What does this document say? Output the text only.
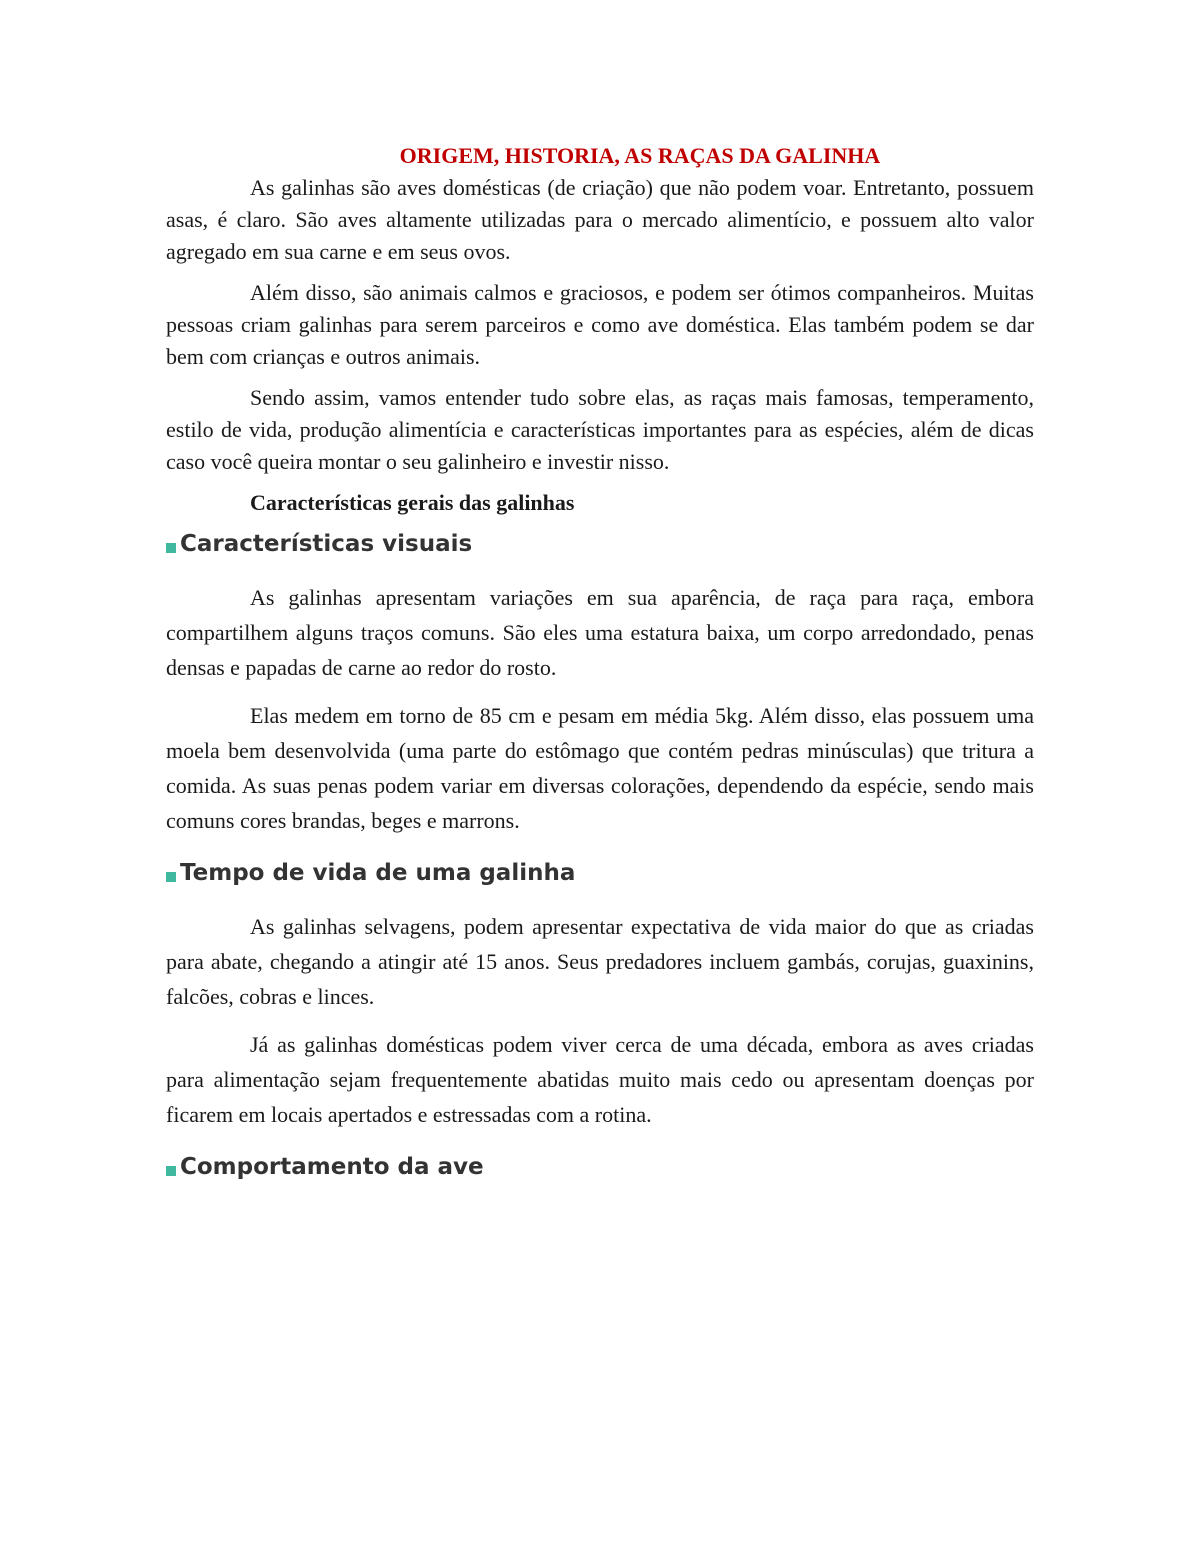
ORIGEM, HISTORIA, AS RAÇAS DA GALINHA

As galinhas são aves domésticas (de criação) que não podem voar. Entretanto, possuem asas, é claro. São aves altamente utilizadas para o mercado alimentício, e possuem alto valor agregado em sua carne e em seus ovos.

Além disso, são animais calmos e graciosos, e podem ser ótimos companheiros. Muitas pessoas criam galinhas para serem parceiros e como ave doméstica. Elas também podem se dar bem com crianças e outros animais.

Sendo assim, vamos entender tudo sobre elas, as raças mais famosas, temperamento, estilo de vida, produção alimentícia e características importantes para as espécies, além de dicas caso você queira montar o seu galinheiro e investir nisso.

Características gerais das galinhas
Características visuais

As galinhas apresentam variações em sua aparência, de raça para raça, embora compartilhem alguns traços comuns. São eles uma estatura baixa, um corpo arredondado, penas densas e papadas de carne ao redor do rosto.

Elas medem em torno de 85 cm e pesam em média 5kg. Além disso, elas possuem uma moela bem desenvolvida (uma parte do estômago que contém pedras minúsculas) que tritura a comida. As suas penas podem variar em diversas colorações, dependendo da espécie, sendo mais comuns cores brandas, beges e marrons.

Tempo de vida de uma galinha

As galinhas selvagens, podem apresentar expectativa de vida maior do que as criadas para abate, chegando a atingir até 15 anos. Seus predadores incluem gambás, corujas, guaxinins, falcões, cobras e linces.

Já as galinhas domésticas podem viver cerca de uma década, embora as aves criadas para alimentação sejam frequentemente abatidas muito mais cedo ou apresentam doenças por ficarem em locais apertados e estressadas com a rotina.

Comportamento da ave
